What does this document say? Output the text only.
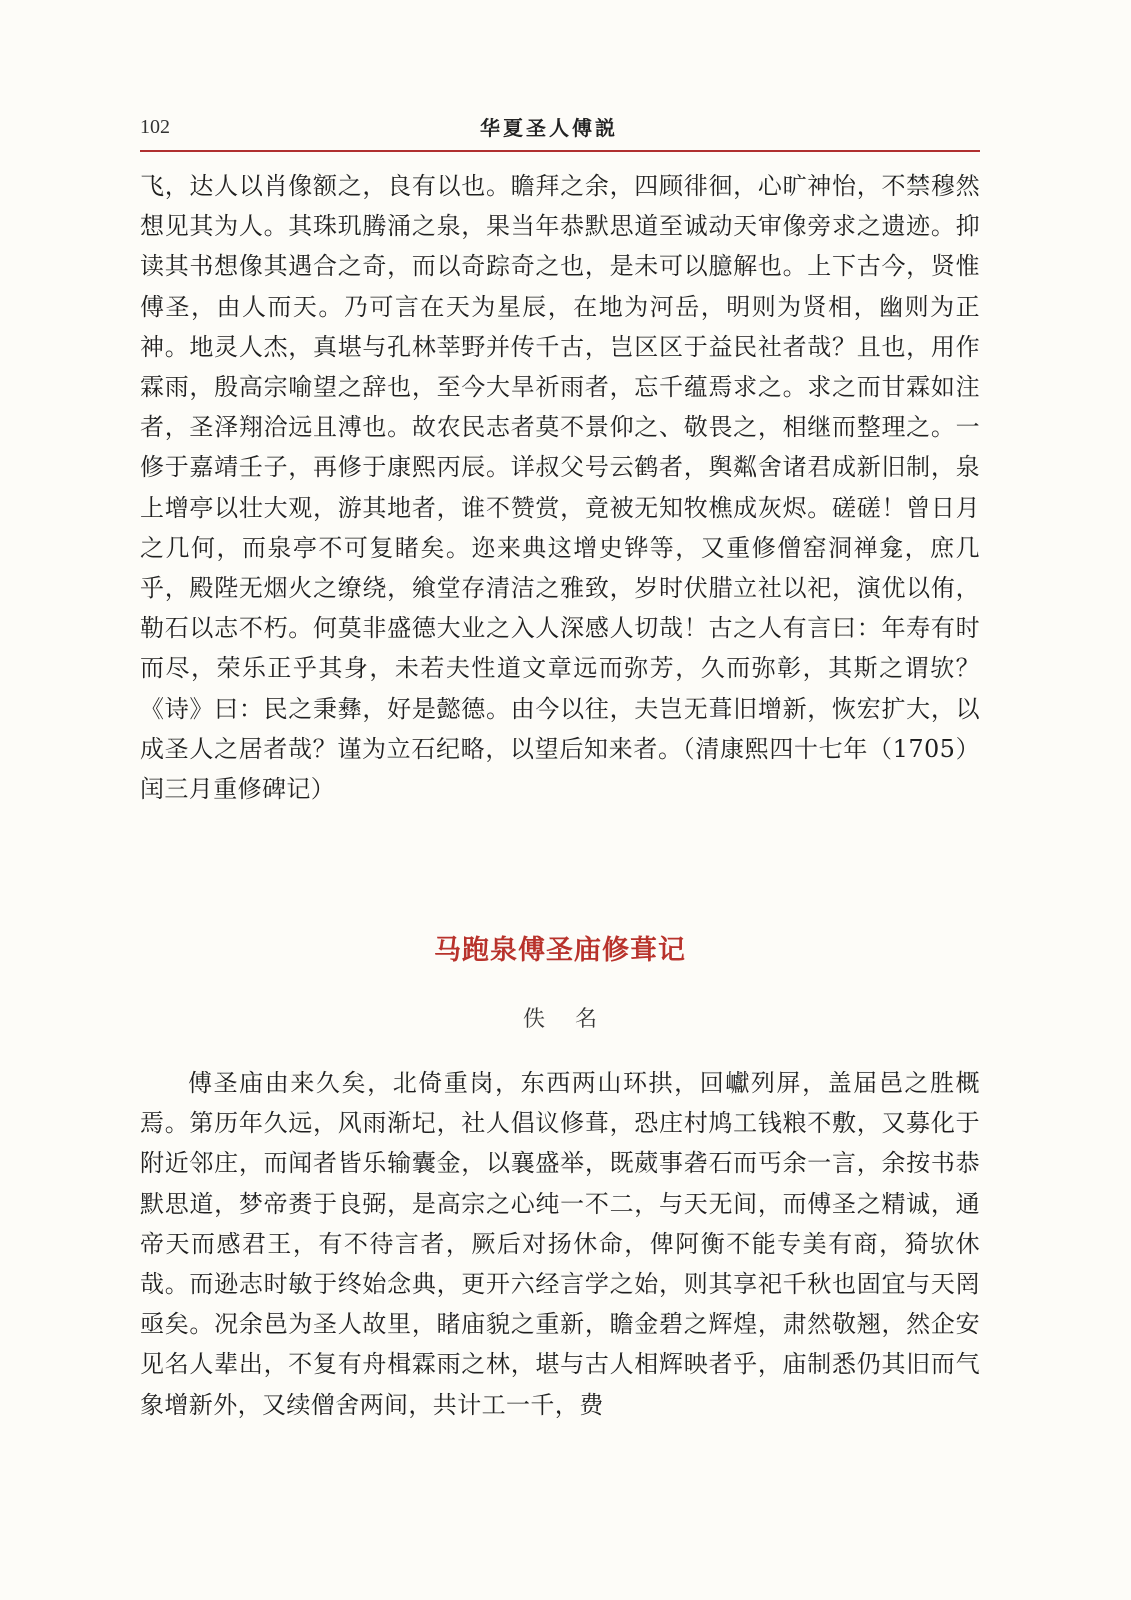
102	华夏圣人傅説

飞，达人以肖像额之，良有以也。瞻拜之余，四顾徘徊，心旷神怡，不禁穆然想见其为人。其珠玑腾涌之泉，果当年恭默思道至诚动天审像旁求之遗迹。抑读其书想像其遇合之奇，而以奇踪奇之也，是未可以臆解也。上下古今，贤惟傅圣，由人而天。乃可言在天为星辰，在地为河岳，明则为贤相，幽则为正神。地灵人杰，真堪与孔林莘野并传千古，岂区区于益民社者哉？且也，用作霖雨，殷高宗喻望之辞也，至今大旱祈雨者，忘千蕴焉求之。求之而甘霖如注者，圣泽翔洽远且溥也。故农民志者莫不景仰之、敬畏之，相继而整理之。一修于嘉靖壬子，再修于康熙丙辰。详叔父号云鹤者，舆粼舍诸君成新旧制，泉上增亭以壮大观，游其地者，谁不赞赏，竟被无知牧樵成灰烬。磋磋！曾日月之几何，而泉亭不可复睹矣。迩来典这增史铧等，又重修僧窑洞禅龛，庶几乎，殿陛无烟火之缭绕，飨堂存清洁之雅致，岁时伏腊立社以祀，演优以侑，勒石以志不朽。何莫非盛德大业之入人深感人切哉！古之人有言曰：年寿有时而尽，荣乐正乎其身，未若夫性道文章远而弥芳，久而弥彰，其斯之谓欤？《诗》曰：民之秉彝，好是懿德。由今以往，夫岂无葺旧增新，恢宏扩大，以成圣人之居者哉？谨为立石纪略，以望后知来者。（清康熙四十七年（1705）闰三月重修碑记）

马跑泉傅圣庙修葺记
佚名

傅圣庙由来久矣，北倚重岗，东西两山环拱，回巘列屏，盖届邑之胜概焉。第历年久远，风雨渐圮，社人倡议修葺，恐庄村鸠工钱粮不敷，又募化于附近邻庄，而闻者皆乐输囊金，以襄盛举，既葳事砻石而丐余一言，余按书恭默思道，梦帝赉于良弼，是高宗之心纯一不二，与天无间，而傅圣之精诚，通帝天而感君王，有不待言者，厥后对扬休命，俾阿衡不能专美有商，猗欤休哉。而逊志时敏于终始念典，更开六经言学之始，则其享祀千秋也固宜与天罔亟矣。况余邑为圣人故里，睹庙貌之重新，瞻金碧之辉煌，肃然敬翘，然企安见名人辈出，不复有舟楫霖雨之林，堪与古人相辉映者乎，庙制悉仍其旧而气象增新外，又续僧舍两间，共计工一千，费
